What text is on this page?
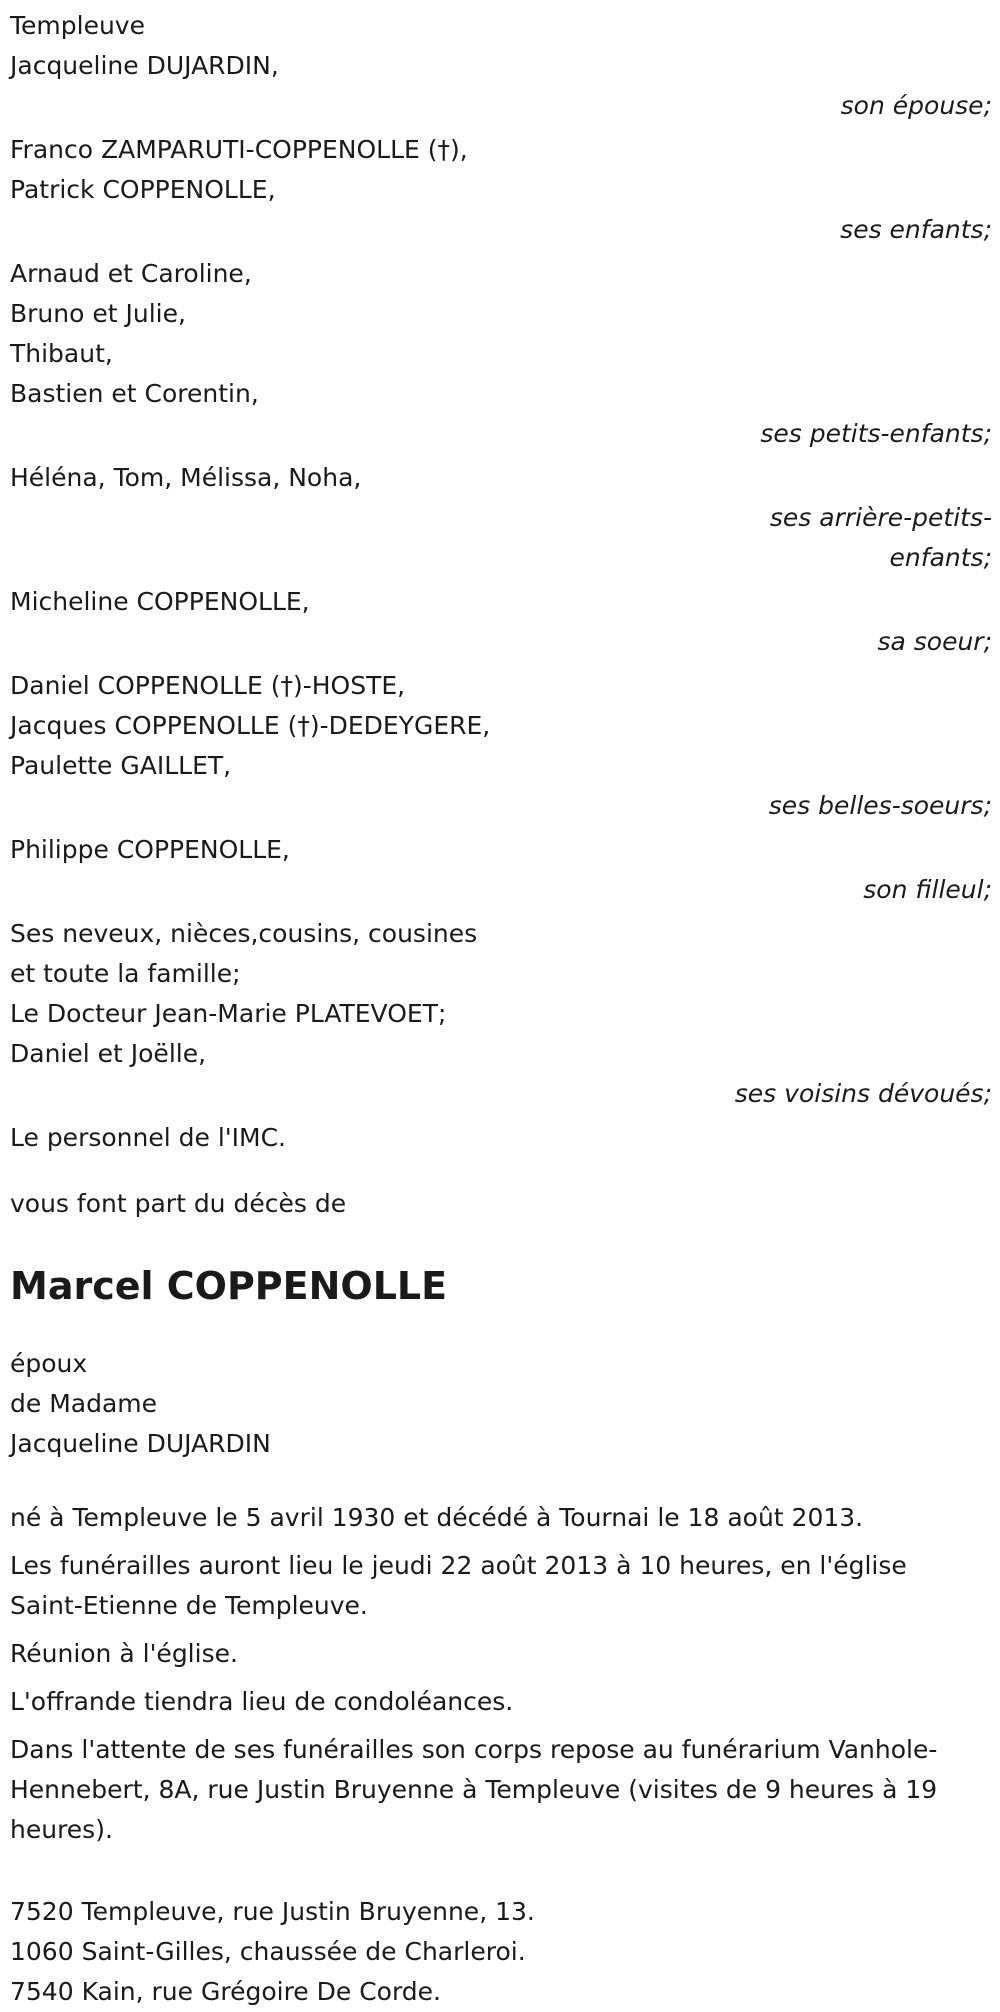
Templeuve
Jacqueline DUJARDIN,
son épouse;
Franco ZAMPARUTI-COPPENOLLE (†),
Patrick COPPENOLLE,
ses enfants;
Arnaud et Caroline,
Bruno et Julie,
Thibaut,
Bastien et Corentin,
ses petits-enfants;
Héléna, Tom, Mélissa, Noha,
ses arrière-petits-enfants;
Micheline COPPENOLLE,
sa soeur;
Daniel COPPENOLLE (†)-HOSTE,
Jacques COPPENOLLE (†)-DEDEYGERE,
Paulette GAILLET,
ses belles-soeurs;
Philippe COPPENOLLE,
son filleul;
Ses neveux, nièces,cousins, cousines
et toute la famille;
Le Docteur Jean-Marie PLATEVOET;
Daniel et Joëlle,
ses voisins dévoués;
Le personnel de l'IMC.
vous font part du décès de
Marcel COPPENOLLE
époux
de Madame
Jacqueline DUJARDIN
né à Templeuve le 5 avril 1930 et décédé à Tournai le 18 août 2013.
Les funérailles auront lieu le jeudi 22 août 2013 à 10 heures, en l'église Saint-Etienne de Templeuve.
Réunion à l'église.
L'offrande tiendra lieu de condoléances.
Dans l'attente de ses funérailles son corps repose au funérarium Vanhole-Hennebert, 8A, rue Justin Bruyenne à Templeuve (visites de 9 heures à 19 heures).
7520 Templeuve, rue Justin Bruyenne, 13.
1060 Saint-Gilles, chaussée de Charleroi.
7540 Kain, rue Grégoire De Corde.
